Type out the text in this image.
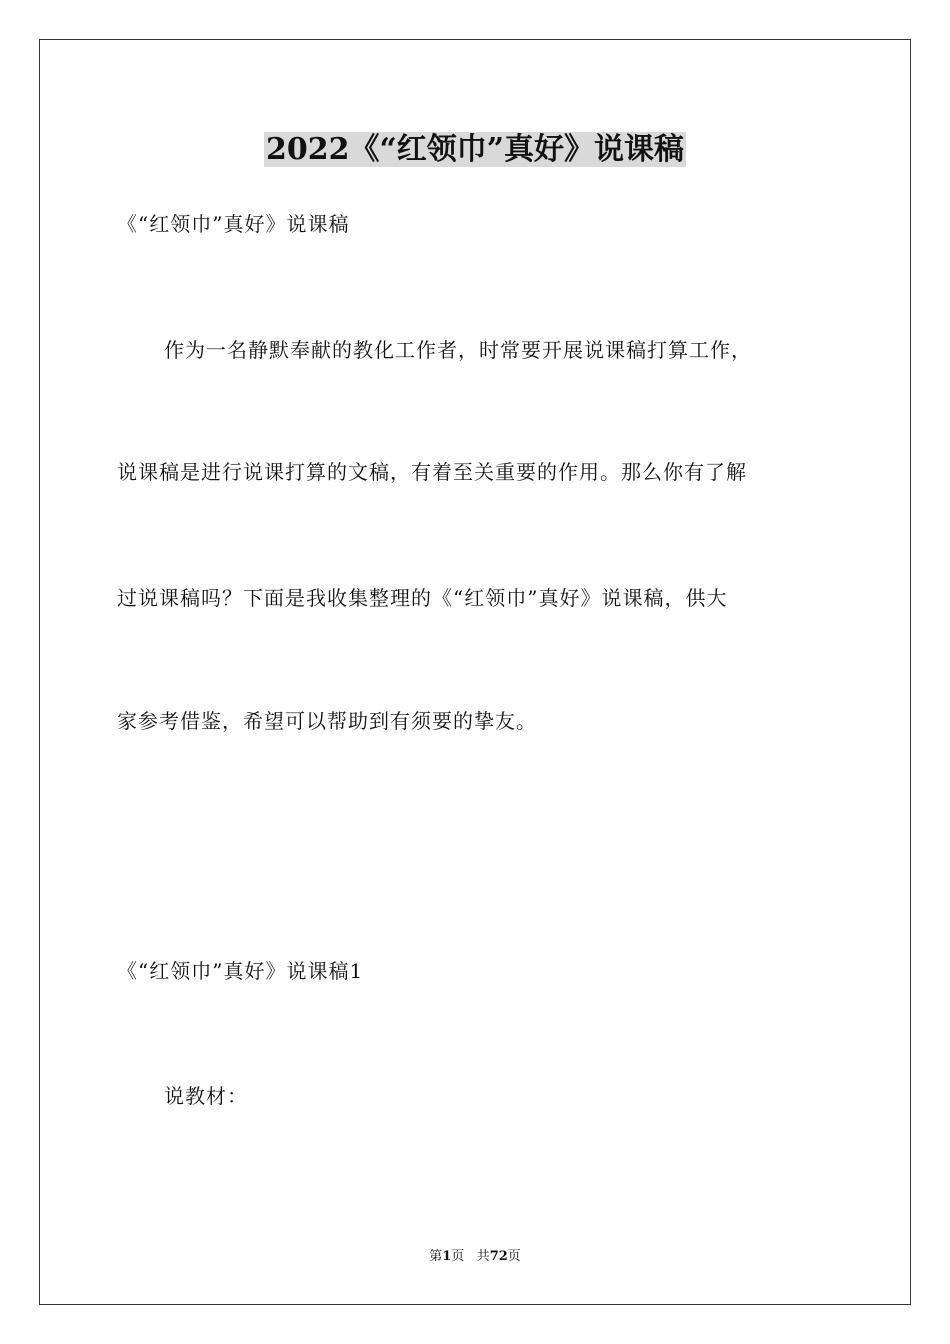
2022《“红领巾”真好》说课稿

《“红领巾”真好》说课稿

作为一名静默奉献的教化工作者，时常要开展说课稿打算工作，

说课稿是进行说课打算的文稿，有着至关重要的作用。那么你有了解

过说课稿吗？下面是我收集整理的《“红领巾”真好》说课稿，供大

家参考借鉴，希望可以帮助到有须要的挚友。

《“红领巾”真好》说课稿1

说教材：

第1页 共72页
